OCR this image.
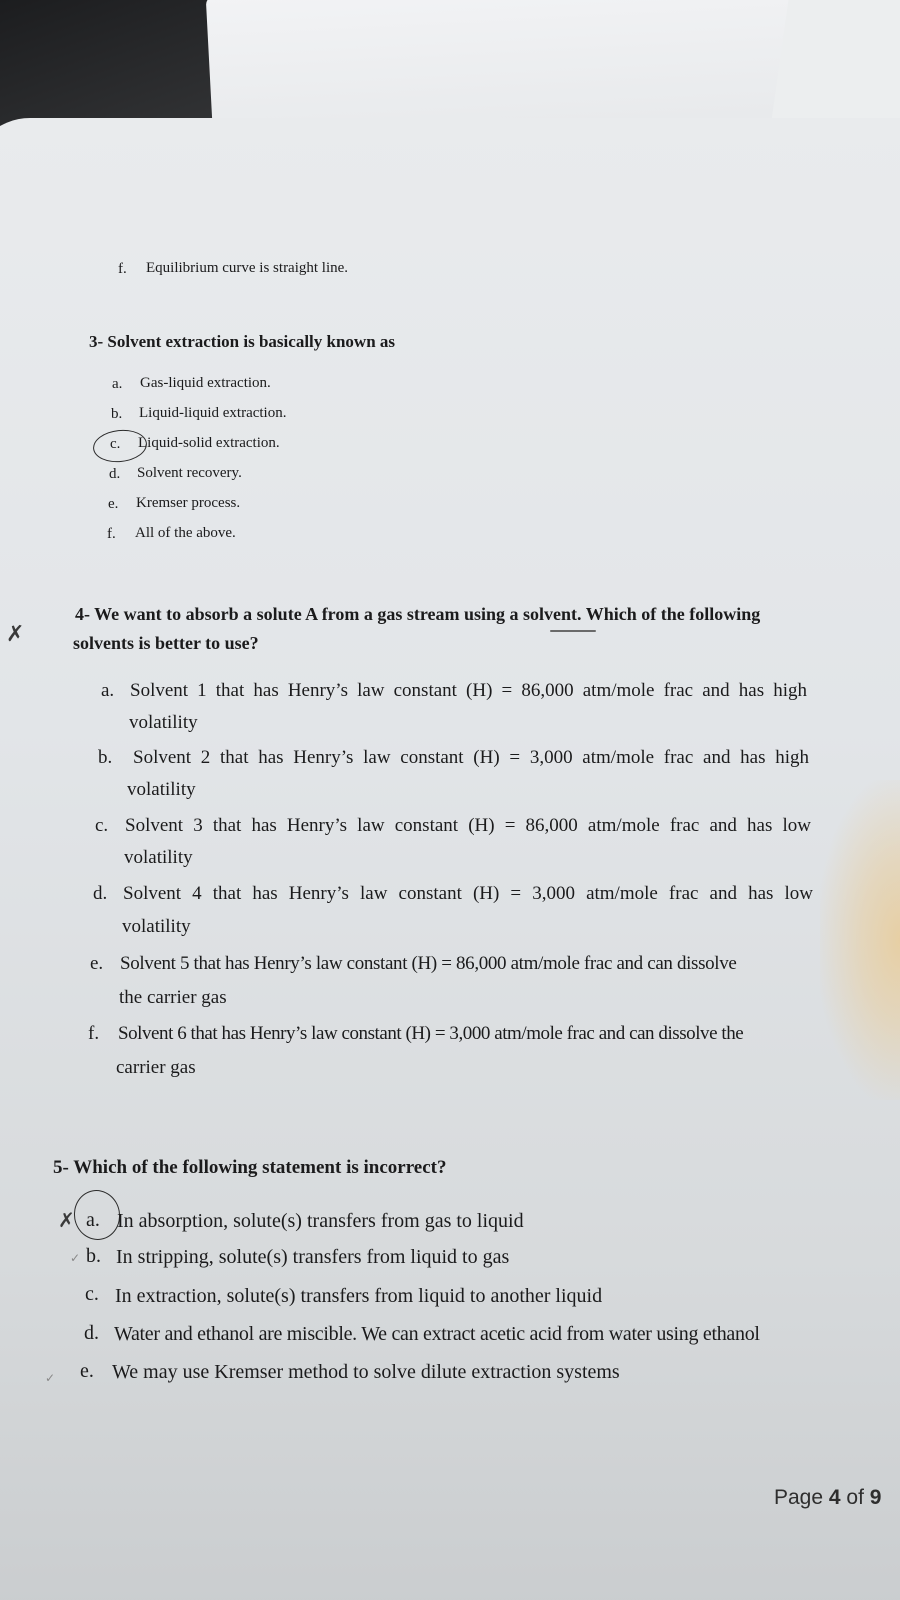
f. Equilibrium curve is straight line.
3- Solvent extraction is basically known as
a. Gas-liquid extraction.
b. Liquid-liquid extraction.
c. Liquid-solid extraction.
d. Solvent recovery.
e. Kremser process.
f. All of the above.
✗
4- We want to absorb a solute A from a gas stream using a solvent. Which of the following
solvents is better to use?
a. Solvent 1 that has Henry’s law constant (H) = 86,000 atm/mole frac and has high
volatility
b. Solvent 2 that has Henry’s law constant (H) = 3,000 atm/mole frac and has high
volatility
c. Solvent 3 that has Henry’s law constant (H) = 86,000 atm/mole frac and has low
volatility
d. Solvent 4 that has Henry’s law constant (H) = 3,000 atm/mole frac and has low
volatility
e. Solvent 5 that has Henry’s law constant (H) = 86,000 atm/mole frac and can dissolve
the carrier gas
f. Solvent 6 that has Henry’s law constant (H) = 3,000 atm/mole frac and can dissolve the
carrier gas
5- Which of the following statement is incorrect?
✗ a. In absorption, solute(s) transfers from gas to liquid
✓ b. In stripping, solute(s) transfers from liquid to gas
c. In extraction, solute(s) transfers from liquid to another liquid
d. Water and ethanol are miscible. We can extract acetic acid from water using ethanol
✓ e. We may use Kremser method to solve dilute extraction systems
Page 4 of 9
